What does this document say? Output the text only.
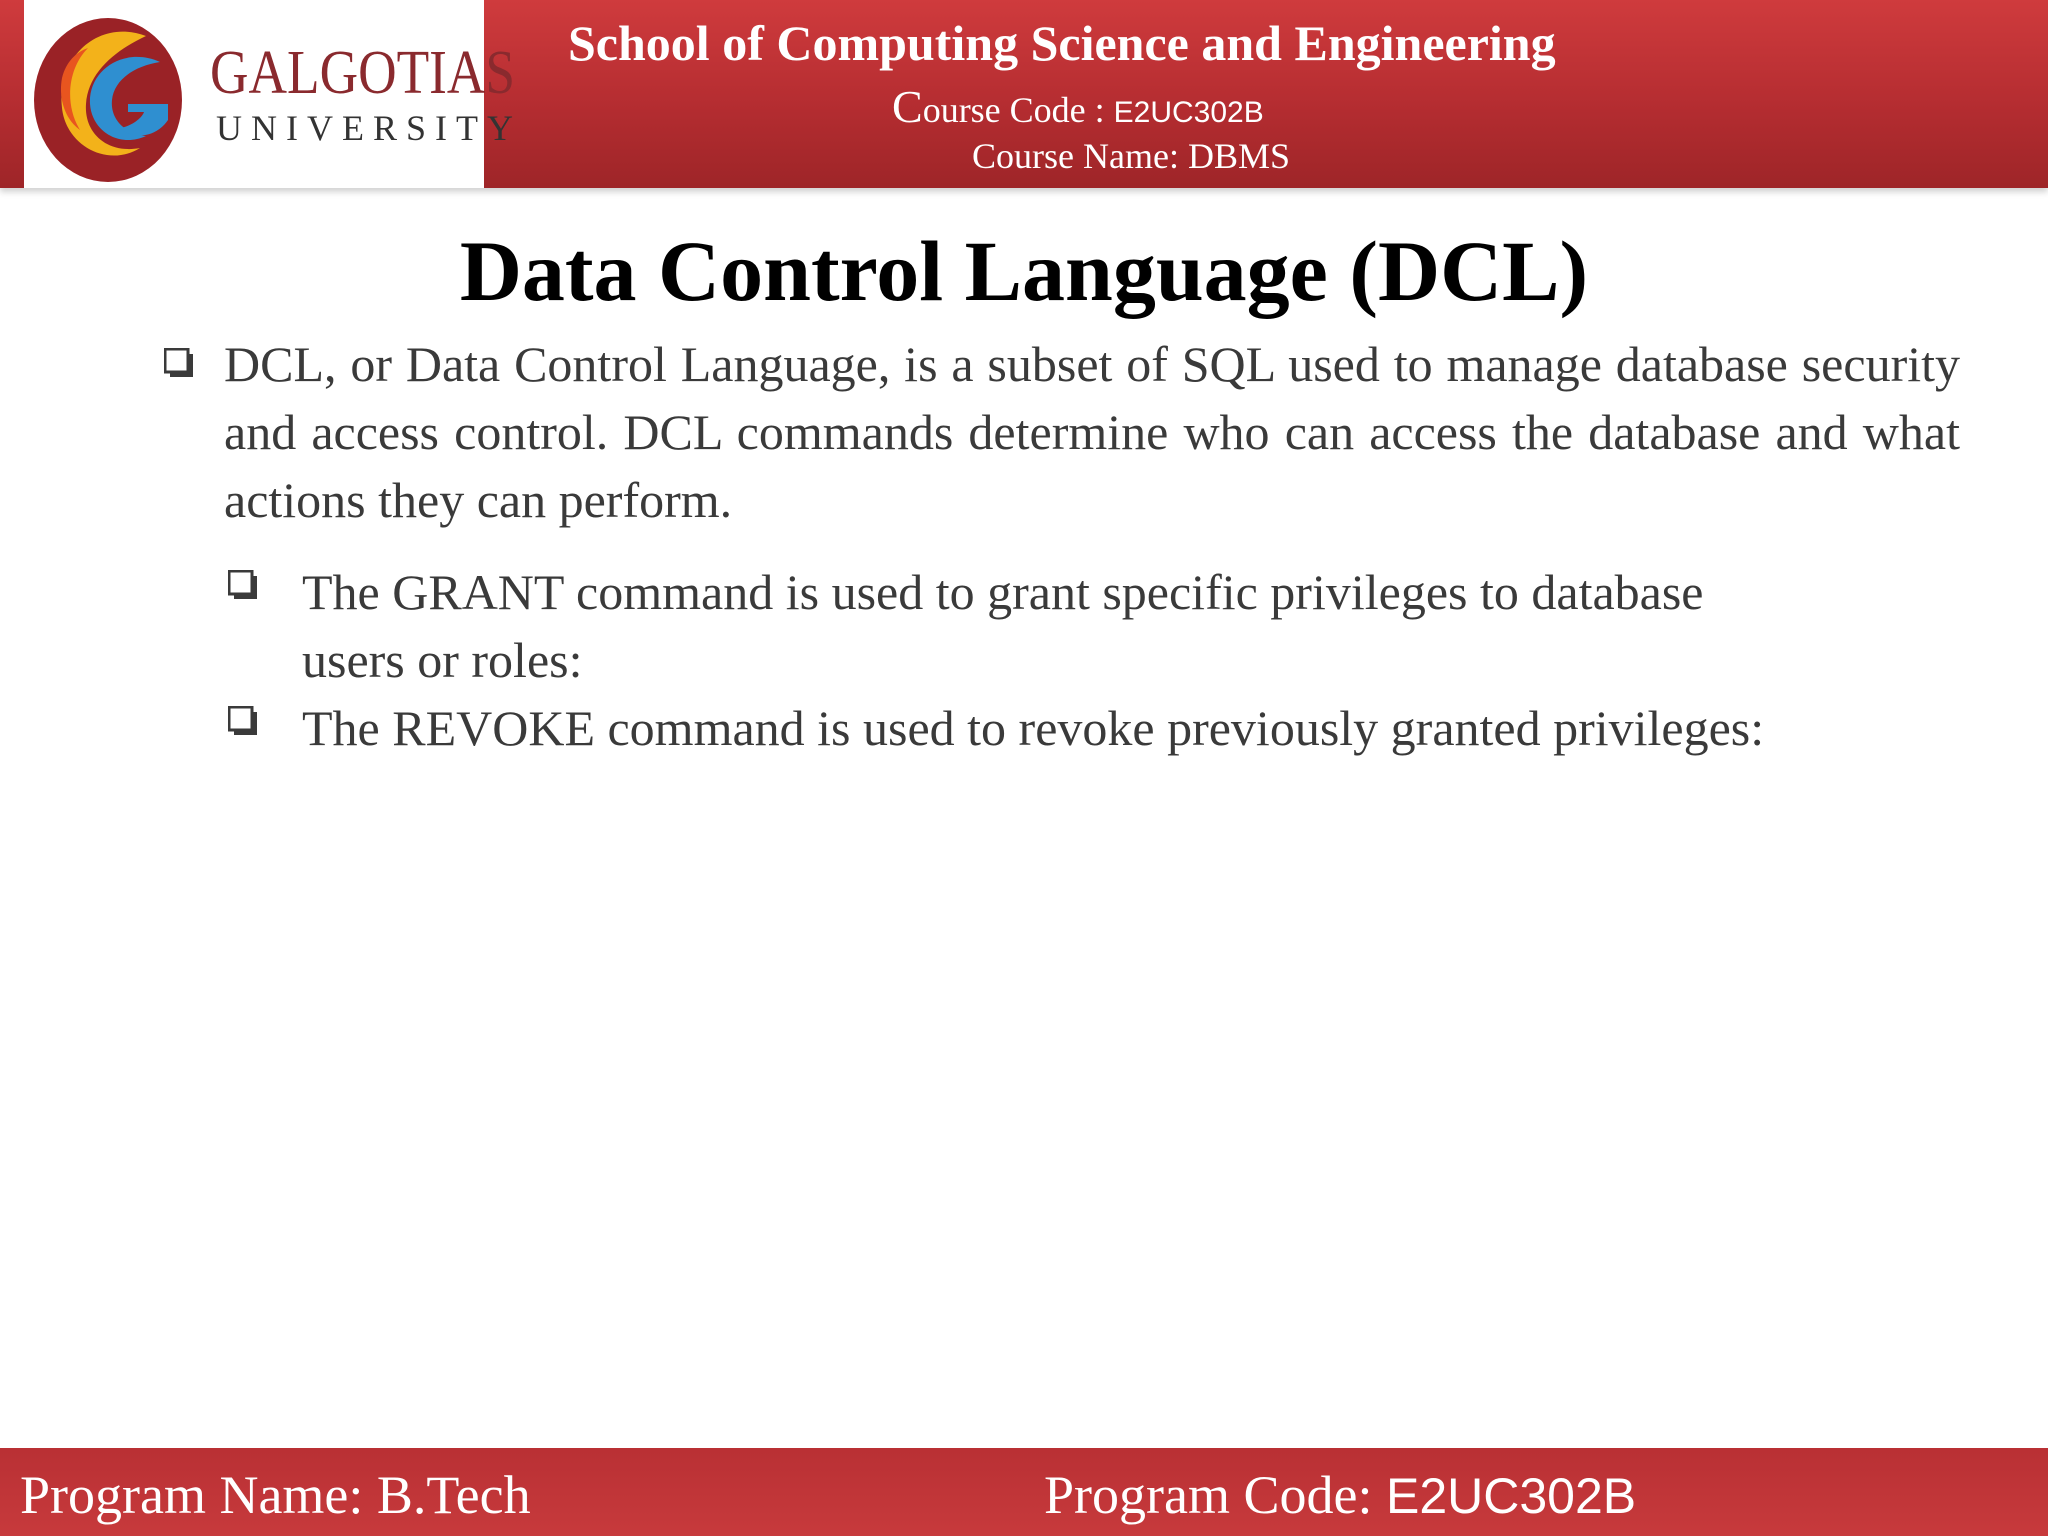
GALGOTIAS
UNIVERSITY
School of Computing Science and Engineering
Course Code : E2UC302B
Course Name: DBMS
Data Control Language (DCL)
DCL, or Data Control Language, is a subset of SQL used to manage database security and access control. DCL commands determine who can access the database and what actions they can perform.
The GRANT command is used to grant specific privileges to database users or roles:
The REVOKE command is used to revoke previously granted privileges:
Program Name: B.Tech	Program Code: E2UC302B
